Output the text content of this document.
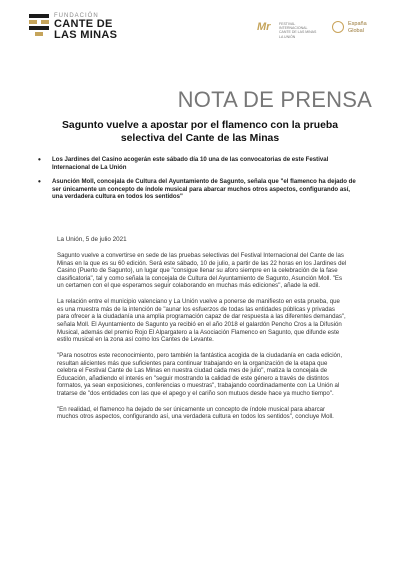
FUNDACIÓN
CANTE DE
LAS MINAS
Mr FESTIVAL INTERNACIONAL
CANTE DE LAS MINAS
LA UNIÓN
España
Global
NOTA DE PRENSA
Sagunto vuelve a apostar por el flamenco con la prueba selectiva del Cante de las Minas
• Los Jardines del Casino acogerán este sábado día 10 una de las convocatorias de este Festival Internacional de La Unión
• Asunción Moll, concejala de Cultura del Ayuntamiento de Sagunto, señala que "el flamenco ha dejado de ser únicamente un concepto de índole musical para abarcar muchos otros aspectos, configurando así, una verdadera cultura en todos los sentidos"
La Unión, 5 de julio 2021

Sagunto vuelve a convertirse en sede de las pruebas selectivas del Festival Internacional del Cante de las Minas en la que es su 60 edición. Será este sábado, 10 de julio, a partir de las 22 horas en los Jardines del Casino (Puerto de Sagunto), un lugar que "consigue llenar su aforo siempre en la celebración de la fase clasificatoria", tal y como señala la concejala de Cultura del Ayuntamiento de Sagunto, Asunción Moll. "Es un certamen con el que esperamos seguir colaborando en muchas más ediciones", añade la edil.

La relación entre el municipio valenciano y La Unión vuelve a ponerse de manifiesto en esta prueba, que es una muestra más de la intención de "aunar los esfuerzos de todas las entidades públicas y privadas para ofrecer a la ciudadanía una amplia programación capaz de dar respuesta a las diferentes demandas", señala Moll. El Ayuntamiento de Sagunto ya recibió en el año 2018 el galardón Pencho Cros a la Difusión Musical, además del premio Rojo El Alpargatero a la Asociación Flamenco en Sagunto, que difunde este estilo musical en la zona así como los Cantes de Levante.

"Para nosotros este reconocimiento, pero también la fantástica acogida de la ciudadanía en cada edición, resultan alicientes más que suficientes para continuar trabajando en la organización de la etapa que celebra el Festival Cante de Las Minas en nuestra ciudad cada mes de julio", matiza la concejala de Educación, añadiendo el interés en "seguir mostrando la calidad de este género a través de distintos formatos, ya sean exposiciones, conferencias o muestras", trabajando coordinadamente con La Unión al tratarse de "dos entidades con las que el apego y el cariño son mutuos desde hace ya mucho tiempo".

"En realidad, el flamenco ha dejado de ser únicamente un concepto de índole musical para abarcar muchos otros aspectos, configurando así, una verdadera cultura en todos los sentidos", concluye Moll.
